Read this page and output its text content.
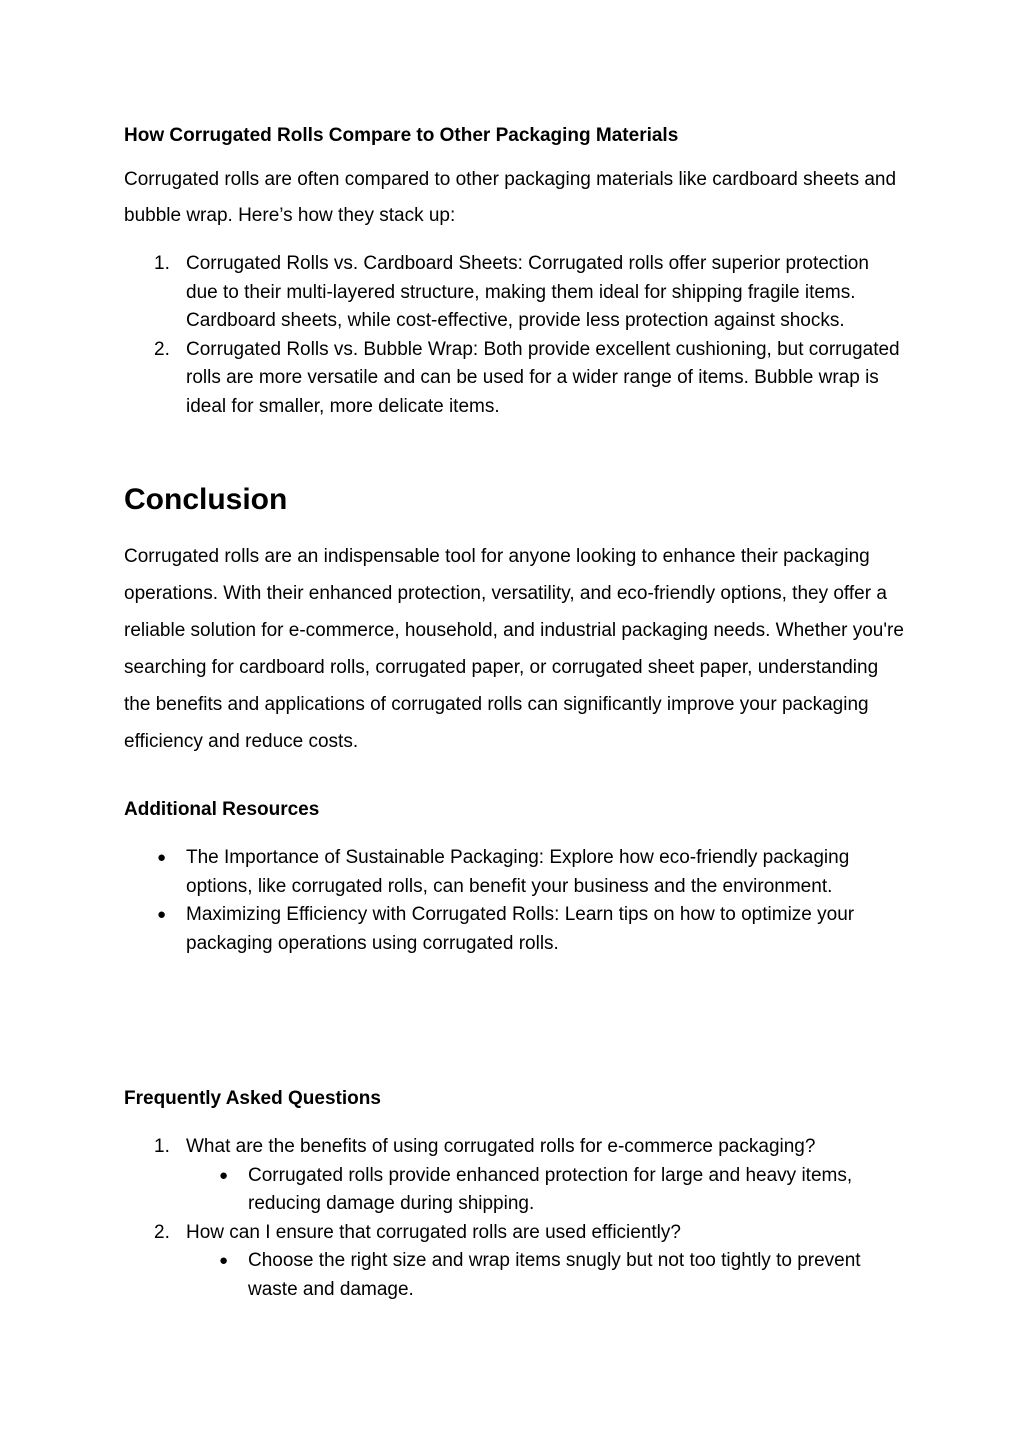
How Corrugated Rolls Compare to Other Packaging Materials

Corrugated rolls are often compared to other packaging materials like cardboard sheets and bubble wrap. Here’s how they stack up:

1. Corrugated Rolls vs. Cardboard Sheets: Corrugated rolls offer superior protection due to their multi-layered structure, making them ideal for shipping fragile items. Cardboard sheets, while cost-effective, provide less protection against shocks.
2. Corrugated Rolls vs. Bubble Wrap: Both provide excellent cushioning, but corrugated rolls are more versatile and can be used for a wider range of items. Bubble wrap is ideal for smaller, more delicate items.
Conclusion

Corrugated rolls are an indispensable tool for anyone looking to enhance their packaging operations. With their enhanced protection, versatility, and eco-friendly options, they offer a reliable solution for e-commerce, household, and industrial packaging needs. Whether you're searching for cardboard rolls, corrugated paper, or corrugated sheet paper, understanding the benefits and applications of corrugated rolls can significantly improve your packaging efficiency and reduce costs.

Additional Resources
● The Importance of Sustainable Packaging: Explore how eco-friendly packaging options, like corrugated rolls, can benefit your business and the environment.
● Maximizing Efficiency with Corrugated Rolls: Learn tips on how to optimize your packaging operations using corrugated rolls.
Frequently Asked Questions
1. What are the benefits of using corrugated rolls for e-commerce packaging?
● Corrugated rolls provide enhanced protection for large and heavy items, reducing damage during shipping.
2. How can I ensure that corrugated rolls are used efficiently?
● Choose the right size and wrap items snugly but not too tightly to prevent waste and damage.
